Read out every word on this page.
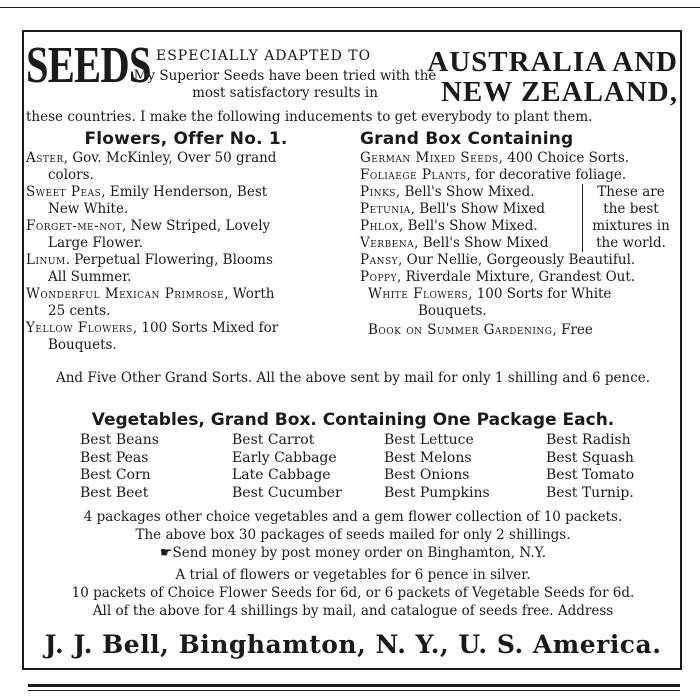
SEEDS ESPECIALLY ADAPTED TO
My Superior Seeds have been tried with the most satisfactory results in
AUSTRALIA AND
NEW ZEALAND,
these countries. I make the following inducements to get everybody to plant them.
Flowers, Offer No. 1.
Aster, Gov. McKinley, Over 50 grand
colors.
Sweet Peas, Emily Henderson, Best
New White.
Forget-me-not, New Striped, Lovely
Large Flower.
Linum. Perpetual Flowering, Blooms
All Summer.
Wonderful Mexican Primrose, Worth
25 cents.
Yellow Flowers, 100 Sorts Mixed for
Bouquets.
Grand Box Containing
German Mixed Seeds, 400 Choice Sorts.
Foliaege Plants, for decorative foliage.
Pinks, Bell's Show Mixed.
Petunia, Bell's Show Mixed
Phlox, Bell's Show Mixed.
Verbena, Bell's Show Mixed
These are
the best
mixtures in
the world.
Pansy, Our Nellie, Gorgeously Beautiful.
Poppy, Riverdale Mixture, Grandest Out.
White Flowers, 100 Sorts for White
Bouquets.
Book on Summer Gardening, Free
And Five Other Grand Sorts. All the above sent by mail for only 1 shilling and 6 pence.
Vegetables, Grand Box. Containing One Package Each.
Best Beans
Best Peas
Best Corn
Best Beet
Best Carrot
Early Cabbage
Late Cabbage
Best Cucumber
Best Lettuce
Best Melons
Best Onions
Best Pumpkins
Best Radish
Best Squash
Best Tomato
Best Turnip.
4 packages other choice vegetables and a gem flower collection of 10 packets.
The above box 30 packages of seeds mailed for only 2 shillings.
☛Send money by post money order on Binghamton, N.Y.
A trial of flowers or vegetables for 6 pence in silver.
10 packets of Choice Flower Seeds for 6d, or 6 packets of Vegetable Seeds for 6d.
All of the above for 4 shillings by mail, and catalogue of seeds free. Address
J. J. Bell, Binghamton, N. Y., U. S. America.
